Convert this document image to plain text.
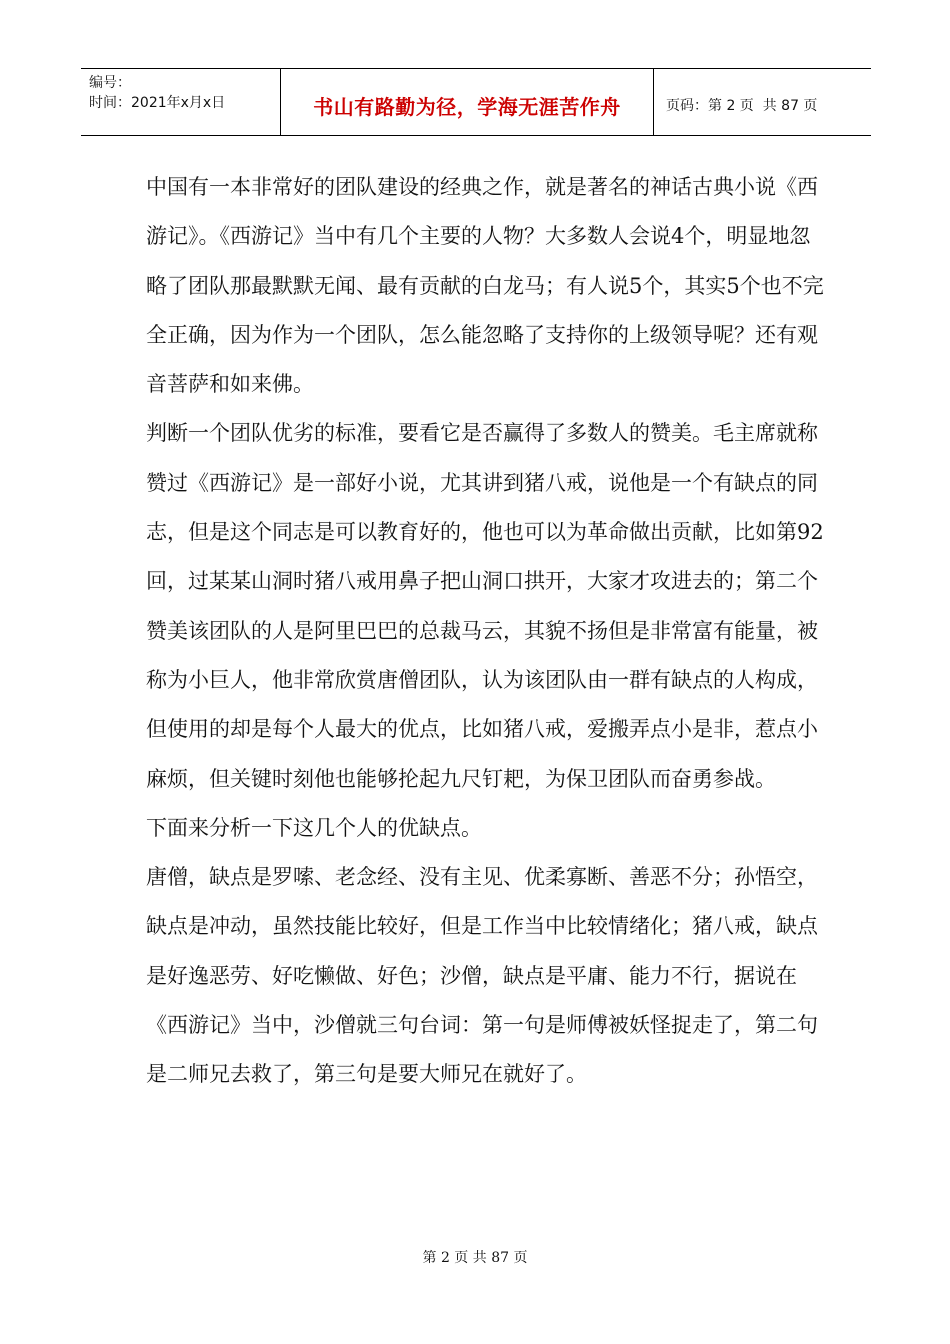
编号：
时间：2021年x月x日	书山有路勤为径，学海无涯苦作舟	页码：第 2 页  共 87 页

中国有一本非常好的团队建设的经典之作，就是著名的神话古典小说《西游记》。《西游记》当中有几个主要的人物？大多数人会说4个，明显地忽略了团队那最默默无闻、最有贡献的白龙马；有人说5个，其实5个也不完全正确，因为作为一个团队，怎么能忽略了支持你的上级领导呢？还有观音菩萨和如来佛。

判断一个团队优劣的标准，要看它是否赢得了多数人的赞美。毛主席就称赞过《西游记》是一部好小说，尤其讲到猪八戒，说他是一个有缺点的同志，但是这个同志是可以教育好的，他也可以为革命做出贡献，比如第92回，过某某山洞时猪八戒用鼻子把山洞口拱开，大家才攻进去的；第二个赞美该团队的人是阿里巴巴的总裁马云，其貌不扬但是非常富有能量，被称为小巨人，他非常欣赏唐僧团队，认为该团队由一群有缺点的人构成，但使用的却是每个人最大的优点，比如猪八戒，爱搬弄点小是非，惹点小麻烦，但关键时刻他也能够抡起九尺钉耙，为保卫团队而奋勇参战。

下面来分析一下这几个人的优缺点。

唐僧，缺点是罗嗦、老念经、没有主见、优柔寡断、善恶不分；孙悟空，缺点是冲动，虽然技能比较好，但是工作当中比较情绪化；猪八戒，缺点是好逸恶劳、好吃懒做、好色；沙僧，缺点是平庸、能力不行，据说在《西游记》当中，沙僧就三句台词：第一句是师傅被妖怪捉走了，第二句是二师兄去救了，第三句是要大师兄在就好了。

第 2 页 共 87 页
